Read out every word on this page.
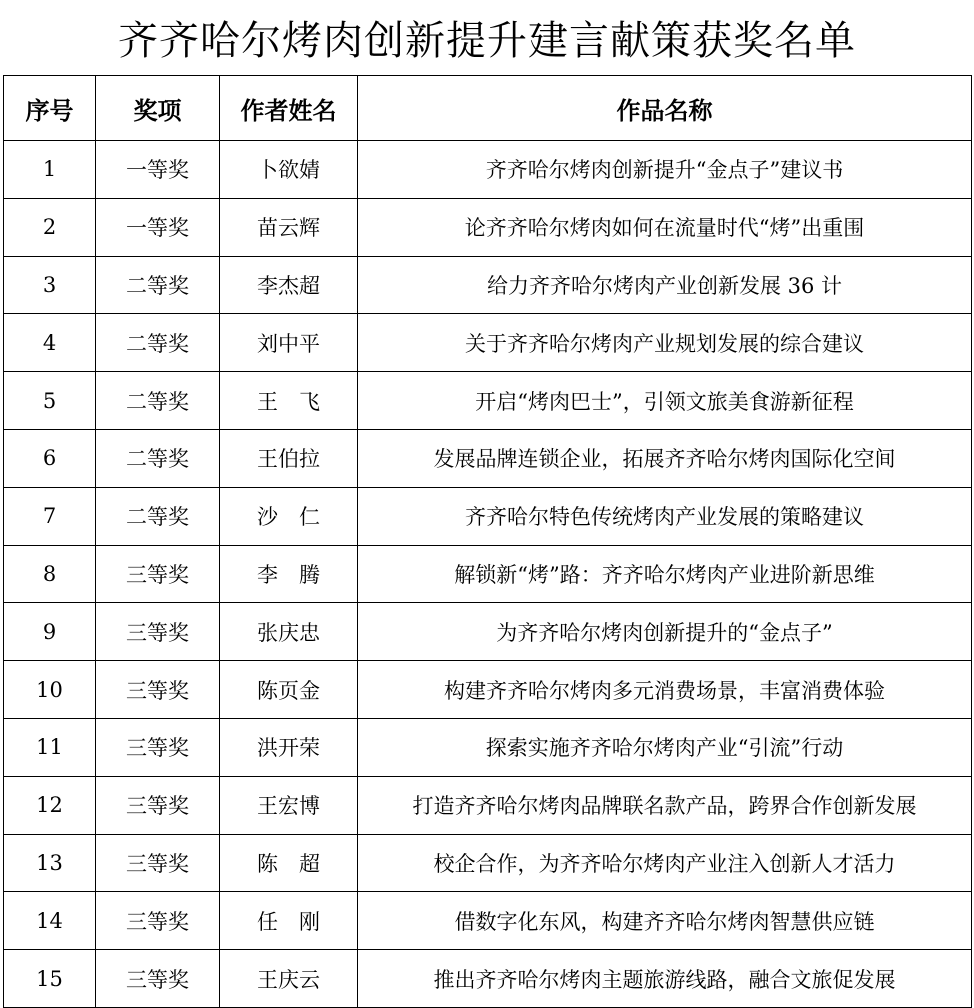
齐齐哈尔烤肉创新提升建言献策获奖名单
序号	奖项	作者姓名	作品名称
1	一等奖	卜欲婧	齐齐哈尔烤肉创新提升“金点子”建议书
2	一等奖	苗云辉	论齐齐哈尔烤肉如何在流量时代“烤”出重围
3	二等奖	李杰超	给力齐齐哈尔烤肉产业创新发展 36 计
4	二等奖	刘中平	关于齐齐哈尔烤肉产业规划发展的综合建议
5	二等奖	王　飞	开启“烤肉巴士”，引领文旅美食游新征程
6	二等奖	王伯拉	发展品牌连锁企业，拓展齐齐哈尔烤肉国际化空间
7	二等奖	沙　仁	齐齐哈尔特色传统烤肉产业发展的策略建议
8	三等奖	李　腾	解锁新“烤”路：齐齐哈尔烤肉产业进阶新思维
9	三等奖	张庆忠	为齐齐哈尔烤肉创新提升的“金点子”
10	三等奖	陈页金	构建齐齐哈尔烤肉多元消费场景，丰富消费体验
11	三等奖	洪开荣	探索实施齐齐哈尔烤肉产业“引流”行动
12	三等奖	王宏博	打造齐齐哈尔烤肉品牌联名款产品，跨界合作创新发展
13	三等奖	陈　超	校企合作，为齐齐哈尔烤肉产业注入创新人才活力
14	三等奖	任　刚	借数字化东风，构建齐齐哈尔烤肉智慧供应链
15	三等奖	王庆云	推出齐齐哈尔烤肉主题旅游线路，融合文旅促发展
